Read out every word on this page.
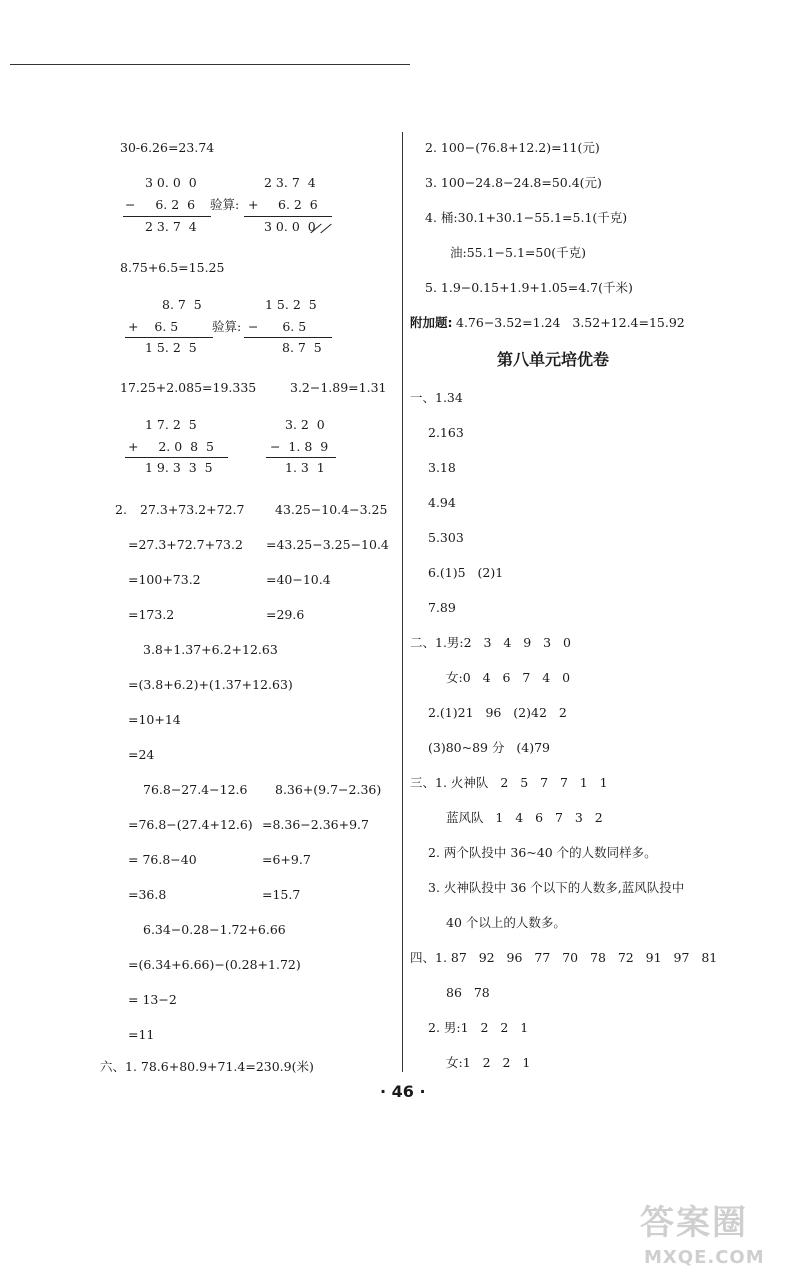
30-6.26=23.74
3 0. 0  0
−     6. 2  6
2 3. 7  4
验算: +
2 3. 7  4
6. 2  6
3 0. 0  0
8.75+6.5=15.25
8. 7  5
+    6. 5
1 5. 2  5
验算:
1 5. 2  5
−      6. 5
8. 7  5
17.25+2.085=19.335	3.2−1.89=1.31
1 7. 2  5
+     2. 0  8  5
1 9. 3  3  5
3. 2  0
−  1. 8  9
1. 3  1
2. 27.3+73.2+72.7
=27.3+72.7+73.2
=100+73.2
=173.2
43.25−10.4−3.25
=43.25−3.25−10.4
=40−10.4
=29.6
3.8+1.37+6.2+12.63
=(3.8+6.2)+(1.37+12.63)
=10+14
=24
76.8−27.4−12.6
=76.8−(27.4+12.6)
= 76.8−40
=36.8
8.36+(9.7−2.36)
=8.36−2.36+9.7
=6+9.7
=15.7
6.34−0.28−1.72+6.66
=(6.34+6.66)−(0.28+1.72)
= 13−2
=11
六、1. 78.6+80.9+71.4=230.9(米)
2. 100−(76.8+12.2)=11(元)
3. 100−24.8−24.8=50.4(元)
4. 桶:30.1+30.1−55.1=5.1(千克)
油:55.1−5.1=50(千克)
5. 1.9−0.15+1.9+1.05=4.7(千米)
附加题: 4.76−3.52=1.24   3.52+12.4=15.92
第八单元培优卷
一、1.34
2.163
3.18
4.94
5.303
6.(1)5   (2)1
7.89
二、1.男:2   3   4   9   3   0
女:0   4   6   7   4   0
2.(1)21   96   (2)42   2
(3)80~89 分   (4)79
三、1. 火神队   2   5   7   7   1   1
蓝风队   1   4   6   7   3   2
2. 两个队投中 36~40 个的人数同样多。
3. 火神队投中 36 个以下的人数多,蓝风队投中
40 个以上的人数多。
四、1. 87   92   96   77   70   78   72   91   97   81
86   78
2. 男:1   2   2   1
女:1   2   2   1
· 46 ·
答案圈
MXQE.COM
